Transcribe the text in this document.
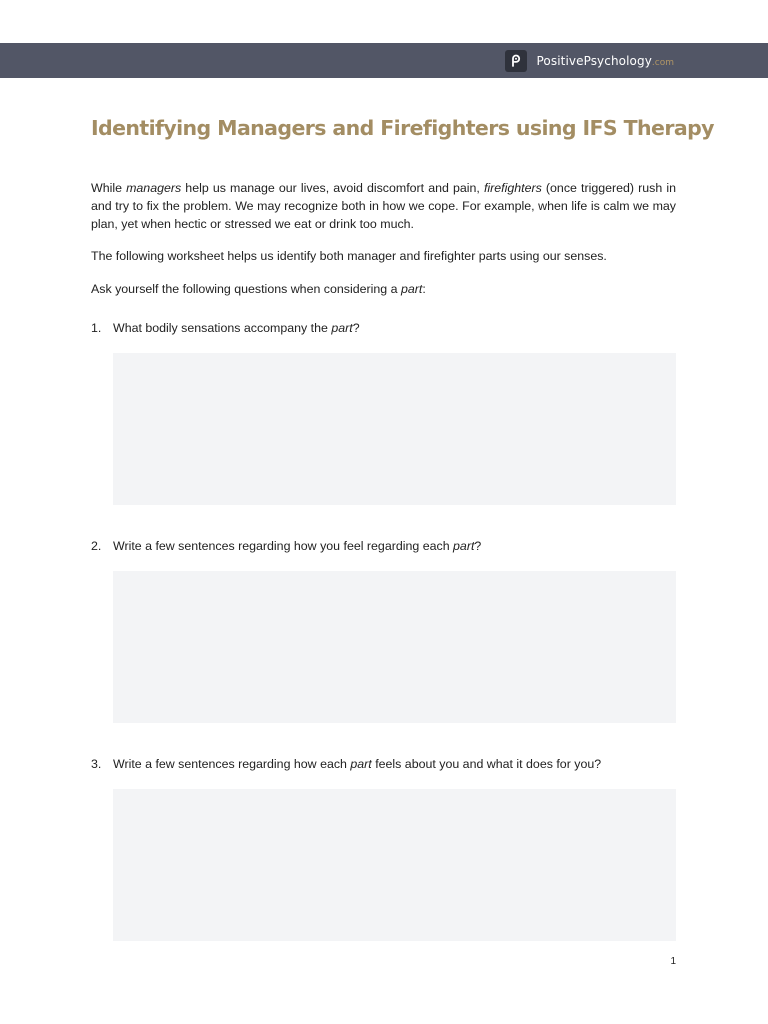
PositivePsychology.com
Identifying Managers and Firefighters using IFS Therapy

While managers help us manage our lives, avoid discomfort and pain, firefighters (once triggered) rush in and try to fix the problem. We may recognize both in how we cope. For example, when life is calm we may plan, yet when hectic or stressed we eat or drink too much.

The following worksheet helps us identify both manager and firefighter parts using our senses.

Ask yourself the following questions when considering a part:

1. What bodily sensations accompany the part?

2. Write a few sentences regarding how you feel regarding each part?

3. Write a few sentences regarding how each part feels about you and what it does for you?

1
